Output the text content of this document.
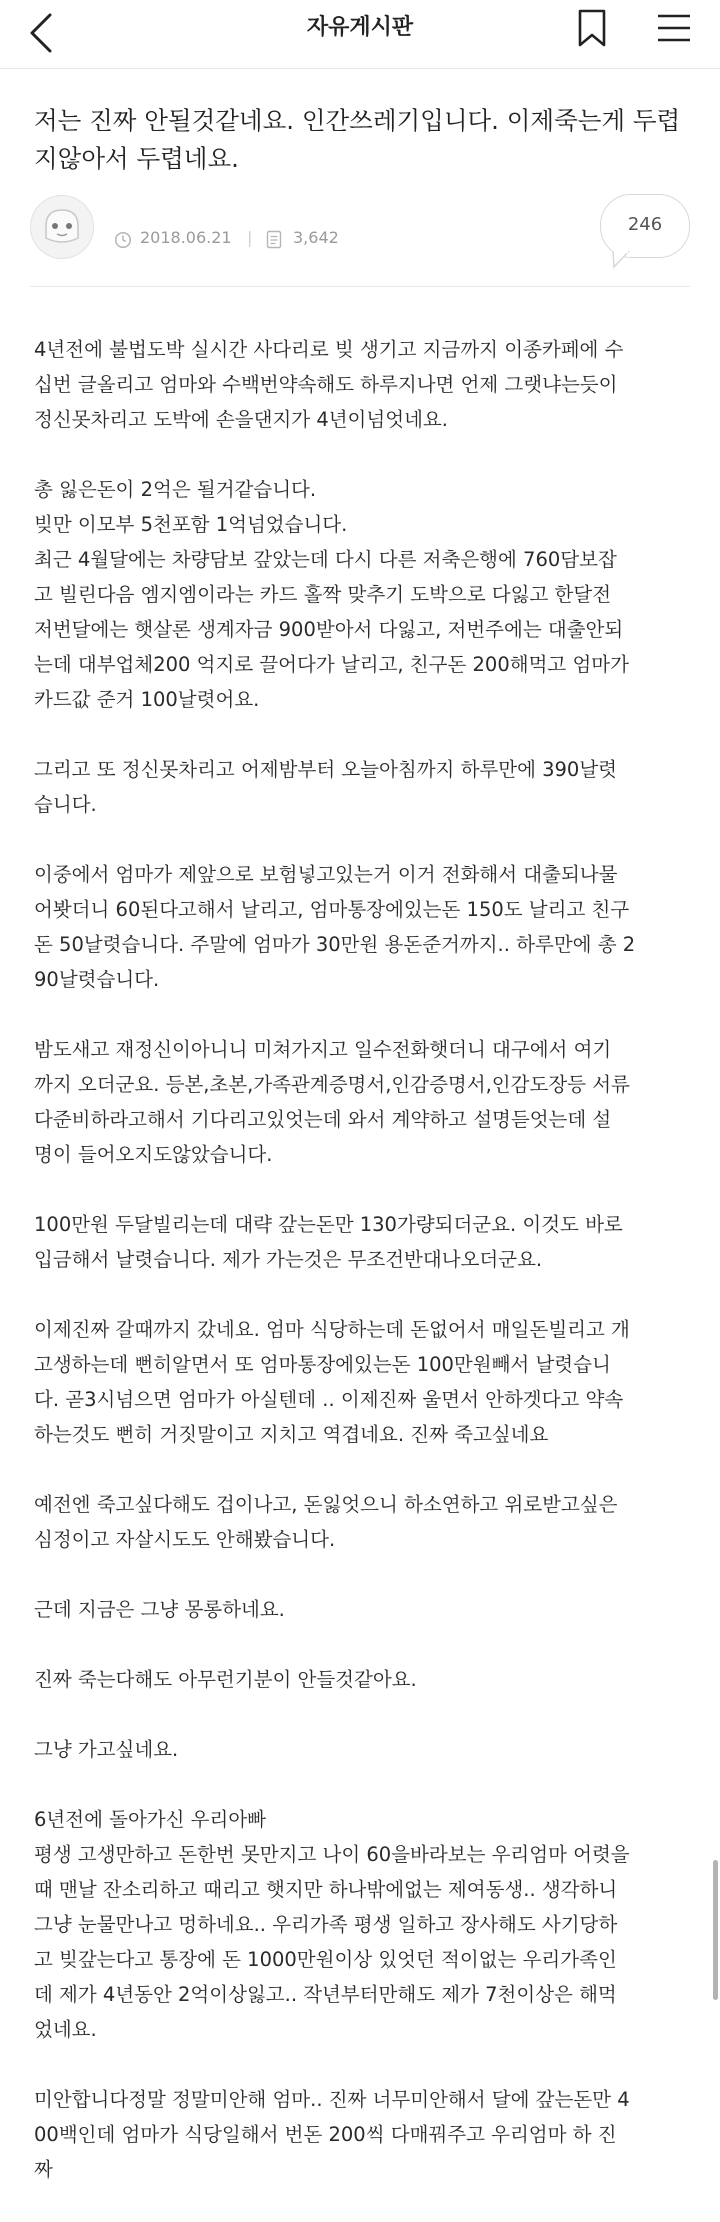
자유게시판
저는 진짜 안될것같네요. 인간쓰레기입니다. 이제죽는게 두렵지않아서 두렵네요.
2018.06.21 |	3,642
246

4년전에 불법도박 실시간 사다리로 빚 생기고 지금까지 이종카페에 수
십번 글올리고 엄마와 수백번약속해도 하루지나면 언제 그랫냐는듯이
정신못차리고 도박에 손을댄지가 4년이넘엇네요.

총 잃은돈이 2억은 될거같습니다.
빚만 이모부 5천포함 1억넘었습니다.
최근 4월달에는 차량담보 갚았는데 다시 다른 저축은행에 760담보잡
고 빌린다음 엠지엠이라는 카드 홀짝 맞추기 도박으로 다잃고 한달전
저번달에는 햇살론 생계자금 900받아서 다잃고, 저번주에는 대출안되
는데 대부업체200 억지로 끌어다가 날리고, 친구돈 200해먹고 엄마가
카드값 준거 100날렷어요.

그리고 또 정신못차리고 어제밤부터 오늘아침까지 하루만에 390날렷
습니다.

이중에서 엄마가 제앞으로 보험넣고있는거 이거 전화해서 대출되나물
어봣더니 60된다고해서 날리고, 엄마통장에있는돈 150도 날리고 친구
돈 50날렷습니다. 주말에 엄마가 30만원 용돈준거까지.. 하루만에 총 2
90날렷습니다.

밤도새고 재정신이아니니 미쳐가지고 일수전화햇더니 대구에서 여기
까지 오더군요. 등본,초본,가족관계증명서,인감증명서,인감도장등 서류
다준비하라고해서 기다리고있엇는데 와서 계약하고 설명듣엇는데 설
명이 들어오지도않았습니다.

100만원 두달빌리는데 대략 갚는돈만 130가량되더군요. 이것도 바로
입금해서 날렷습니다. 제가 가는것은 무조건반대나오더군요.

이제진짜 갈때까지 갔네요. 엄마 식당하는데 돈없어서 매일돈빌리고 개
고생하는데 뻔히알면서 또 엄마통장에있는돈 100만원빼서 날렷습니
다. 곧3시넘으면 엄마가 아실텐데 .. 이제진짜 울면서 안하겟다고 약속
하는것도 뻔히 거짓말이고 지치고 역겹네요. 진짜 죽고싶네요

예전엔 죽고싶다해도 겁이나고, 돈잃엇으니 하소연하고 위로받고싶은
심정이고 자살시도도 안해봤습니다.

근데 지금은 그냥 몽롱하네요.

진짜 죽는다해도 아무런기분이 안들것같아요.

그냥 가고싶네요.

6년전에 돌아가신 우리아빠
평생 고생만하고 돈한번 못만지고 나이 60을바라보는 우리엄마 어렷을
때 맨날 잔소리하고 때리고 햇지만 하나밖에없는 제여동생.. 생각하니
그냥 눈물만나고 멍하네요.. 우리가족 평생 일하고 장사해도 사기당하
고 빚갚는다고 통장에 돈 1000만원이상 있엇던 적이없는 우리가족인
데 제가 4년동안 2억이상잃고.. 작년부터만해도 제가 7천이상은 해먹
었네요.

미안합니다정말 정말미안해 엄마.. 진짜 너무미안해서 달에 갚는돈만 4
00백인데 엄마가 식당일해서 번돈 200씩 다매꿔주고 우리엄마 하 진
짜
